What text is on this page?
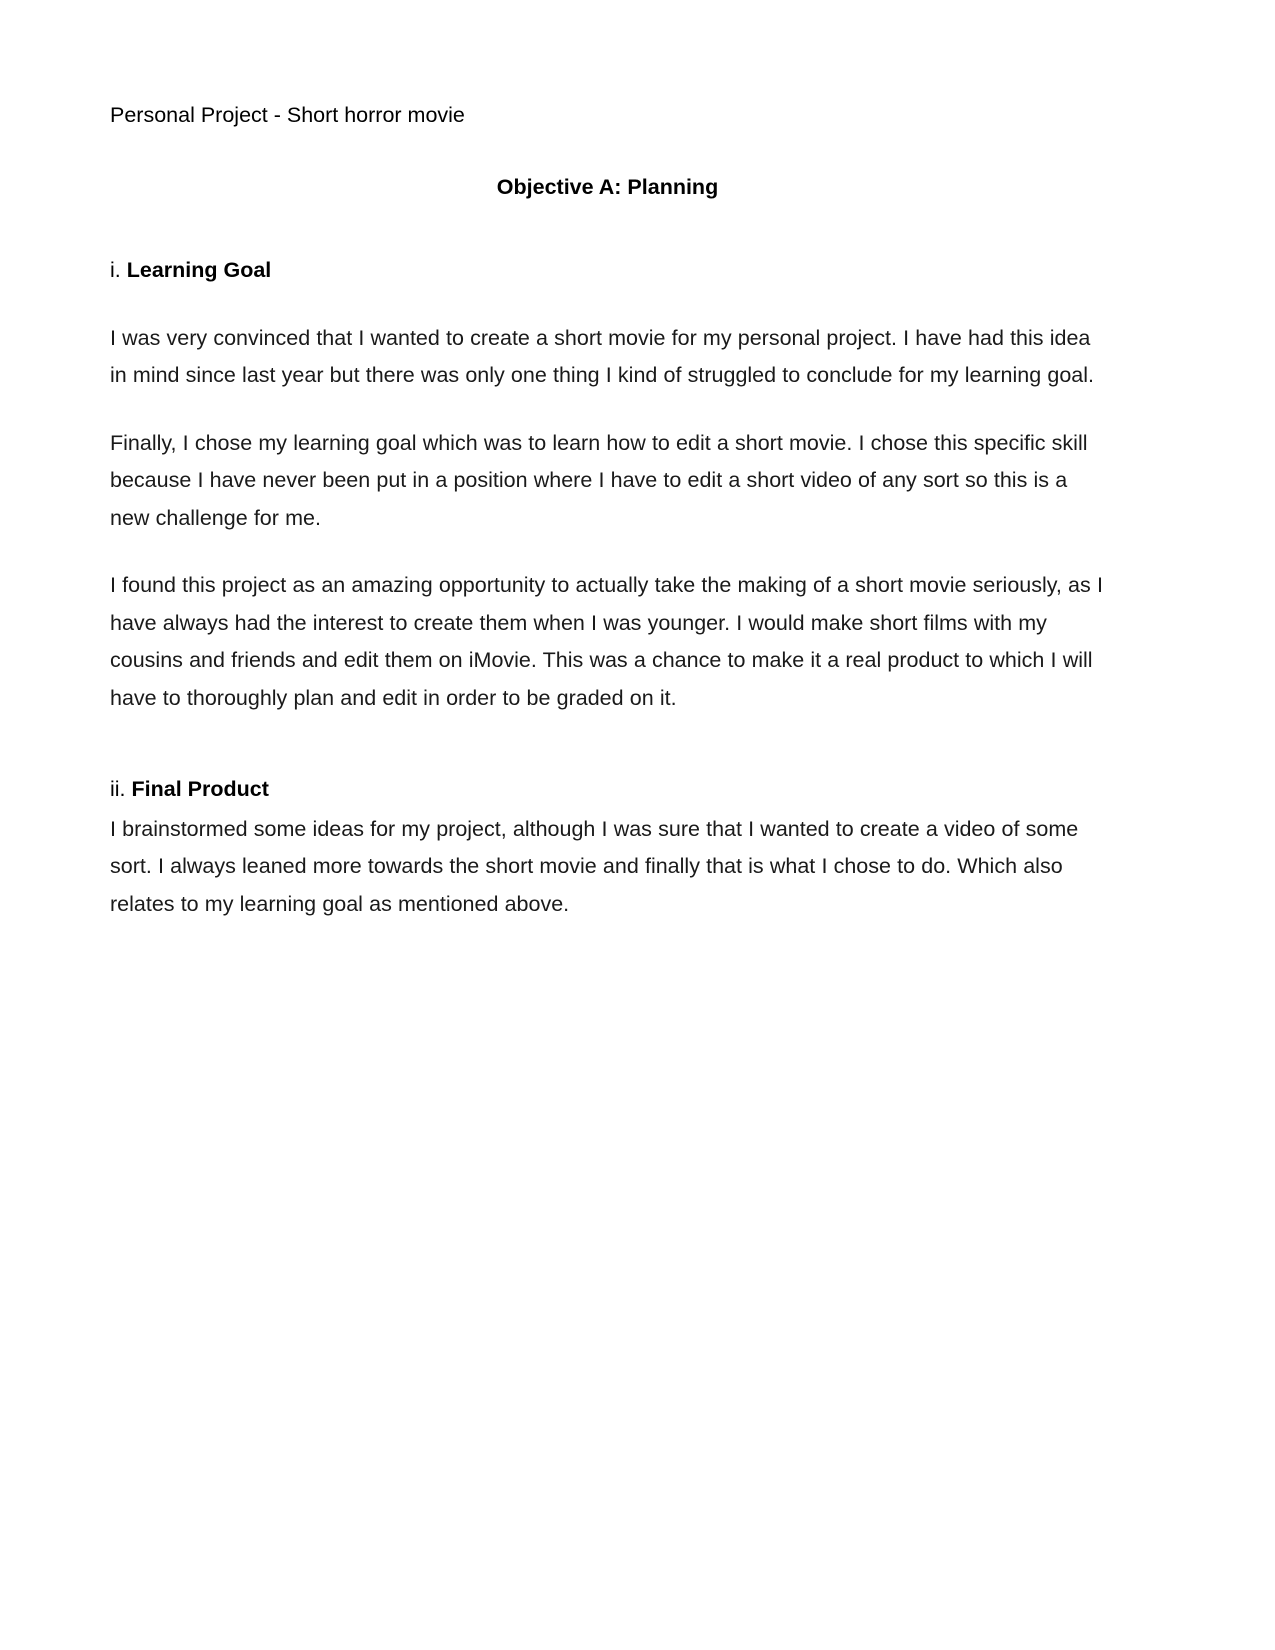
Personal Project - Short horror movie
Objective A: Planning
i. Learning Goal

I was very convinced that I wanted to create a short movie for my personal project. I have had this idea in mind since last year but there was only one thing I kind of struggled to conclude for my learning goal.

Finally, I chose my learning goal which was to learn how to edit a short movie. I chose this specific skill because I have never been put in a position where I have to edit a short video of any sort so this is a new challenge for me.

I found this project as an amazing opportunity to actually take the making of a short movie seriously, as I have always had the interest to create them when I was younger. I would make short films with my cousins and friends and edit them on iMovie. This was a chance to make it a real product to which I will have to thoroughly plan and edit in order to be graded on it.

ii. Final Product

I brainstormed some ideas for my project, although I was sure that I wanted to create a video of some sort. I always leaned more towards the short movie and finally that is what I chose to do. Which also relates to my learning goal as mentioned above.
